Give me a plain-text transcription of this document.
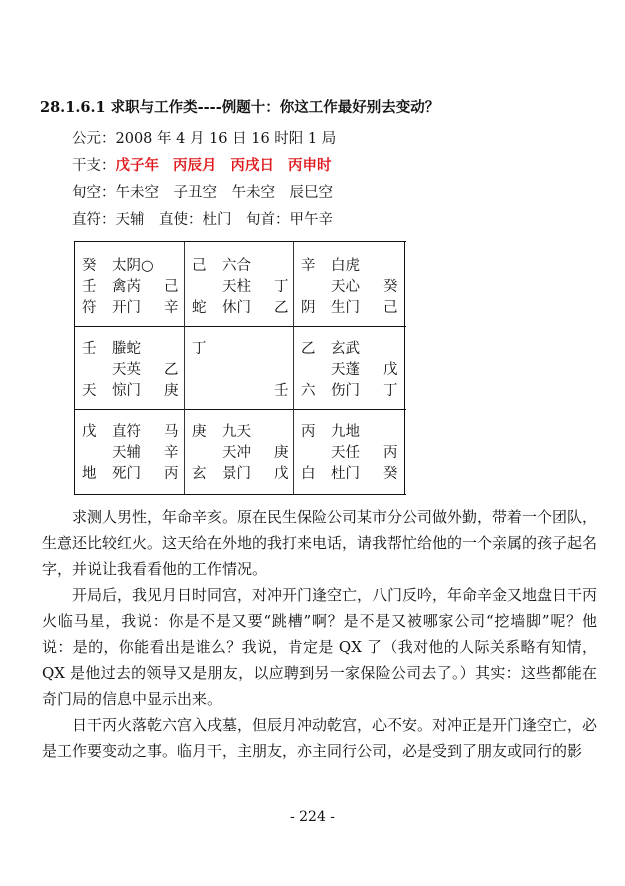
28.1.6.1 求职与工作类----例题十：你这工作最好别去变动？
公元：2008 年 4 月 16 日 16 时阳 1 局
干支：戊子年 丙辰月 丙戌日 丙申时
旬空：午未空　子丑空　午未空　辰巳空
直符：天辅　直使：杜门　旬首：甲午辛
癸 太阴○
壬 禽芮 己
符 开门 辛
己 六合
天柱 丁
蛇 休门 乙
辛 白虎
天心 癸
阴 生门 己
壬 螣蛇
天英 乙
天 惊门 庚
丁
壬
乙 玄武
天蓬 戊
六 伤门 丁
戊 直符 马
天辅 辛
地 死门 丙
庚 九天
天冲 庚
玄 景门 戊
丙 九地
天任 丙
白 杜门 癸

求测人男性，年命辛亥。原在民生保险公司某市分公司做外勤，带着一个团队，生意还比较红火。这天给在外地的我打来电话，请我帮忙给他的一个亲属的孩子起名字，并说让我看看他的工作情况。

开局后，我见月日时同宫，对冲开门逢空亡，八门反吟，年命辛金又地盘日干丙火临马星，我说：你是不是又要“跳槽”啊？是不是又被哪家公司“挖墙脚”呢？他说：是的，你能看出是谁么？我说，肯定是 QX 了（我对他的人际关系略有知情，QX 是他过去的领导又是朋友，以应聘到另一家保险公司去了。）其实：这些都能在奇门局的信息中显示出来。

日干丙火落乾六宫入戌墓，但辰月冲动乾宫，心不安。对冲正是开门逢空亡，必是工作要变动之事。临月干，主朋友，亦主同行公司，必是受到了朋友或同行的影

- 224 -
